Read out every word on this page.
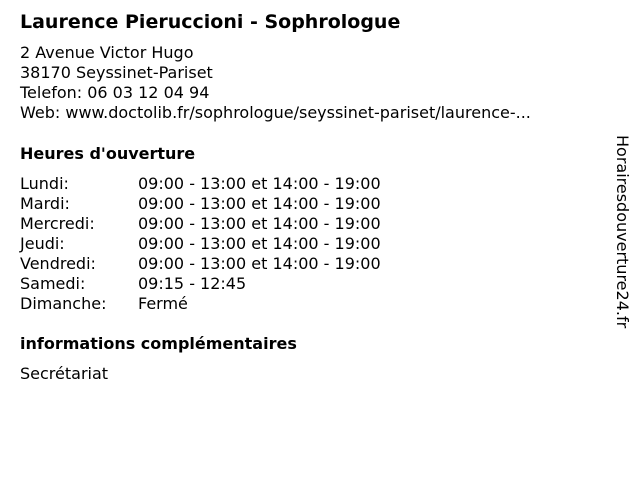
Laurence Pieruccioni - Sophrologue
2 Avenue Victor Hugo
38170 Seyssinet-Pariset
Telefon: 06 03 12 04 94
Web: www.doctolib.fr/sophrologue/seyssinet-pariset/laurence-...
Heures d'ouverture
Lundi:	09:00 - 13:00 et 14:00 - 19:00
Mardi:	09:00 - 13:00 et 14:00 - 19:00
Mercredi:	09:00 - 13:00 et 14:00 - 19:00
Jeudi:	09:00 - 13:00 et 14:00 - 19:00
Vendredi:	09:00 - 13:00 et 14:00 - 19:00
Samedi:	09:15 - 12:45
Dimanche: Fermé
informations complémentaires
Secrétariat
Horairesdouverture24.fr
